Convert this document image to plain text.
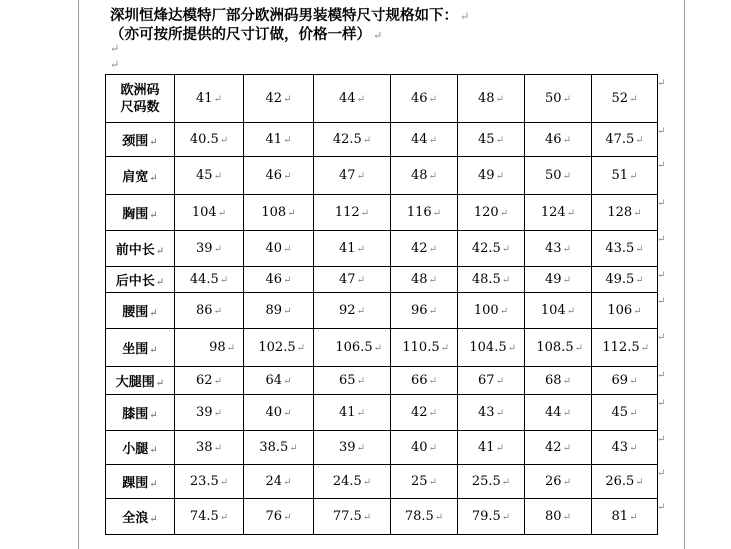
深圳恒烽达模特厂部分欧洲码男装模特尺寸规格如下： ↵
（亦可按所提供的尺寸订做，价格一样） ↵
↵
↵
欧洲码
尺码数	41↵	42↵	44↵	46↵	48↵	50↵	52↵
颈围↵	40.5↵	41↵	42.5↵	44↵	45↵	46↵	47.5↵
肩宽↵	45↵	46↵	47↵	48↵	49↵	50↵	51↵
胸围↵	104↵	108↵	112↵	116↵	120↵	124↵	128↵
前中长↵	39↵	40↵	41↵	42↵	42.5↵	43↵	43.5↵
后中长↵	44.5↵	46↵	47↵	48↵	48.5↵	49↵	49.5↵
腰围↵	86↵	89↵	92↵	96↵	100↵	104↵	106↵
坐围↵	98↵	102.5↵	106.5↵	110.5↵	104.5↵	108.5↵	112.5↵
大腿围↵	62↵	64↵	65↵	66↵	67↵	68↵	69↵
膝围↵	39↵	40↵	41↵	42↵	43↵	44↵	45↵
小腿↵	38↵	38.5↵	39↵	40↵	41↵	42↵	43↵
踝围↵	23.5↵	24↵	24.5↵	25↵	25.5↵	26↵	26.5↵
全浪↵	74.5↵	76↵	77.5↵	78.5↵	79.5↵	80↵	81↵
↵
↵
↵
↵
↵
↵
↵
↵
↵
↵
↵
↵
↵
